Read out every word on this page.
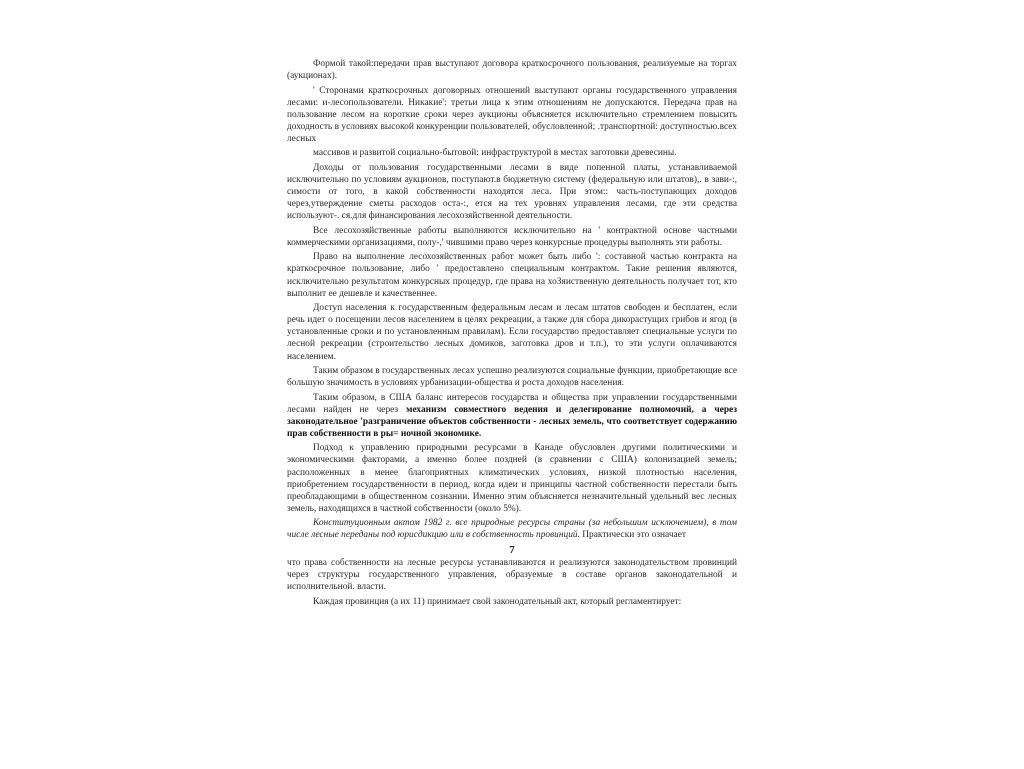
Формой такой:передачи прав выступают договора краткосрочного пользования, реализуемые на торгах (аукционах).

' Сторонами краткосрочных договорных отношений выступают органы государственного управления лесами: и-лесопользователи. Никакие': третьи лица к этим отношениям не допускаются. Передача прав на пользование лесом на короткие сроки через аукционы объясняется исключительно стремлением повысить доходность в условиях высокой конкуренции пользователей, обусловленной; .транспортной: доступностью.всех лесных

массивов и развитой социально-бытовой: инфраструктурой в местах заготовки древесины.

Доходы от пользования государственными лесами в виде попенной платы, устанавливаемой исключительно по условиям аукционов, поступают.в бюджетную систему (федеральную или штатов),. в зави-:, симости от того, в какой собственности находятся леса. При этом:: часть-поступающих доходов через,утверждение сметы расходов оста-:, ется на тех уровнях управления лесами, где эти средства используют-. ся.для финансирования лесохозяйственной деятельности.

Все лесохозяйственные работы выполняются исключительно на ' контрактной основе частными коммерческими организациями, полу-,' чившими право через конкурсные процедуры выполнять эти работы.

Право на выполнение лесохозяйственных работ может быть либо ': составной частью контракта на краткосрочное пользование, либо ' предоставлено специальным контрактом. Такие решения являются, исключительно результатом конкурсных процедур, где права на хоЗяиственную деятельность получает тот, кто выполнит ее дешевле и качественнее.

Доступ населения к государственным федеральным лесам и лесам штатов свободен и бесплатен, если речь идет о посещении лесов населением в целях рекреации, а также для сбора дикорастущих грибов и ягод (в установленные сроки и по установленным правилам). Если государство предоставляет специальные услуги по лесной рекреации (строительство лесных домиков, заготовка дров и т.п.), то эти услуги оплачиваются населением.

Таким образом в государственных лесах успешно реализуются социальные функции, приобретающие все большую значимость в условиях урбанизации-общества и роста доходов населения.

Таким образом, в США баланс интересов государства и общества при управлении государственными лесами найден не через механизм совместного ведения и делегирование полномочий, а через законодательное 'разграничение объектов собственности - лесных земель, что соответствует содержанию прав собственности в ры= ночной экономике.

Подход к управлению природными ресурсами в Канаде обусловлен другими политическими и экономическими факторами, а именно более поздней (в сравнении с США) колонизацией земель; расположенных в менее благоприятных климатических условиях, низкой плотностью населения, приобретением государственности в период, когда идеи и принципы частной собственности перестали быть преобладающими в общественном сознании. Именно этим объясняется незначительный удельный вес лесных земель, находящихся в частной собственности (около 5%).

Конституционным актом 1982 г. все природные ресурсы страны (за небольшим исключением), в том числе лесные переданы под юрисдикцию или в собственность провинций. Практически это означает

7

что права собственности на лесные ресурсы устанавливаются и реализуются законодательством провинций через структуры государственного управления, образуемые в составе органов законодательной и исполнительной. власти.

Каждая провинция (а их 11) принимает свой законодательный акт, который регламентирует:
